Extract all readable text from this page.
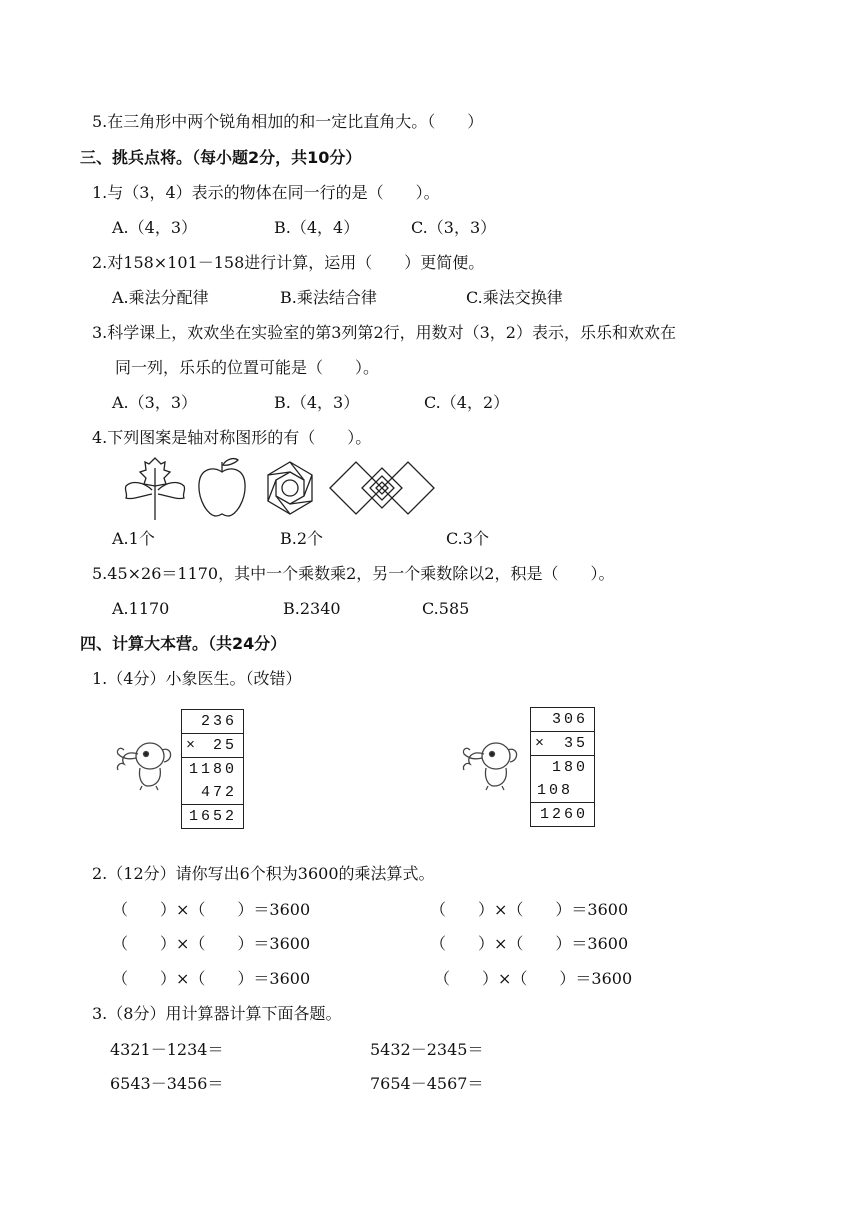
5.在三角形中两个锐角相加的和一定比直角大。（　　）
三、挑兵点将。（每小题2分，共10分）
1.与（3，4）表示的物体在同一行的是（　　）。
A.（4，3）	B.（4，4）	C.（3，3）
2.对158×101－158进行计算，运用（　　）更简便。
A.乘法分配律	B.乘法结合律	C.乘法交换律
3.科学课上，欢欢坐在实验室的第3列第2行，用数对（3，2）表示，乐乐和欢欢在
同一列，乐乐的位置可能是（　　）。
A.（3，3）	B.（4，3）	C.（4，2）
4.下列图案是轴对称图形的有（　　）。
A.1个	B.2个	C.3个
5.45×26＝1170，其中一个乘数乘2，另一个乘数除以2，积是（　　）。
A.1170	B.2340	C.585
四、计算大本营。（共24分）
1.（4分）小象医生。（改错）
236
× 25
1180
472
1652
306
× 35
180
108
1260
2.（12分）请你写出6个积为3600的乘法算式。
（　　）×（　　）＝3600	（　　）×（　　）＝3600
（　　）×（　　）＝3600	（　　）×（　　）＝3600
（　　）×（　　）＝3600	（　　）×（　　）＝3600
3.（8分）用计算器计算下面各题。
4321－1234＝	5432－2345＝
6543－3456＝	7654－4567＝
